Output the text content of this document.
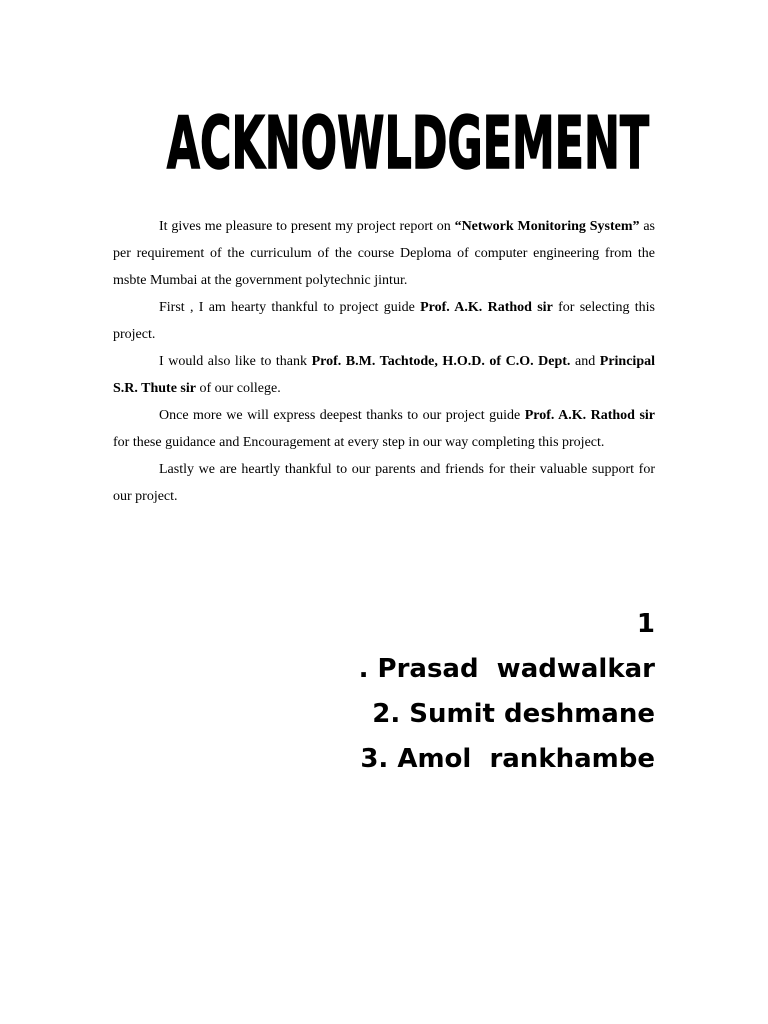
ACKNOWLDGEMENT

It gives me pleasure to present my project report on “Network Monitoring System” as per requirement of the curriculum of the course Deploma of computer engineering from the msbte Mumbai at the government polytechnic jintur.

First , I am hearty thankful to project guide Prof. A.K. Rathod sir for selecting this project.

I would also like to thank Prof. B.M. Tachtode, H.O.D. of C.O. Dept. and Principal S.R. Thute sir of our college.

Once more we will express deepest thanks to our project guide Prof. A.K. Rathod sir for these guidance and Encouragement at every step in our way completing this project.

Lastly we are heartly thankful to our parents and friends for their valuable support for our project.

1
. Prasad  wadwalkar
2. Sumit deshmane
3. Amol  rankhambe
